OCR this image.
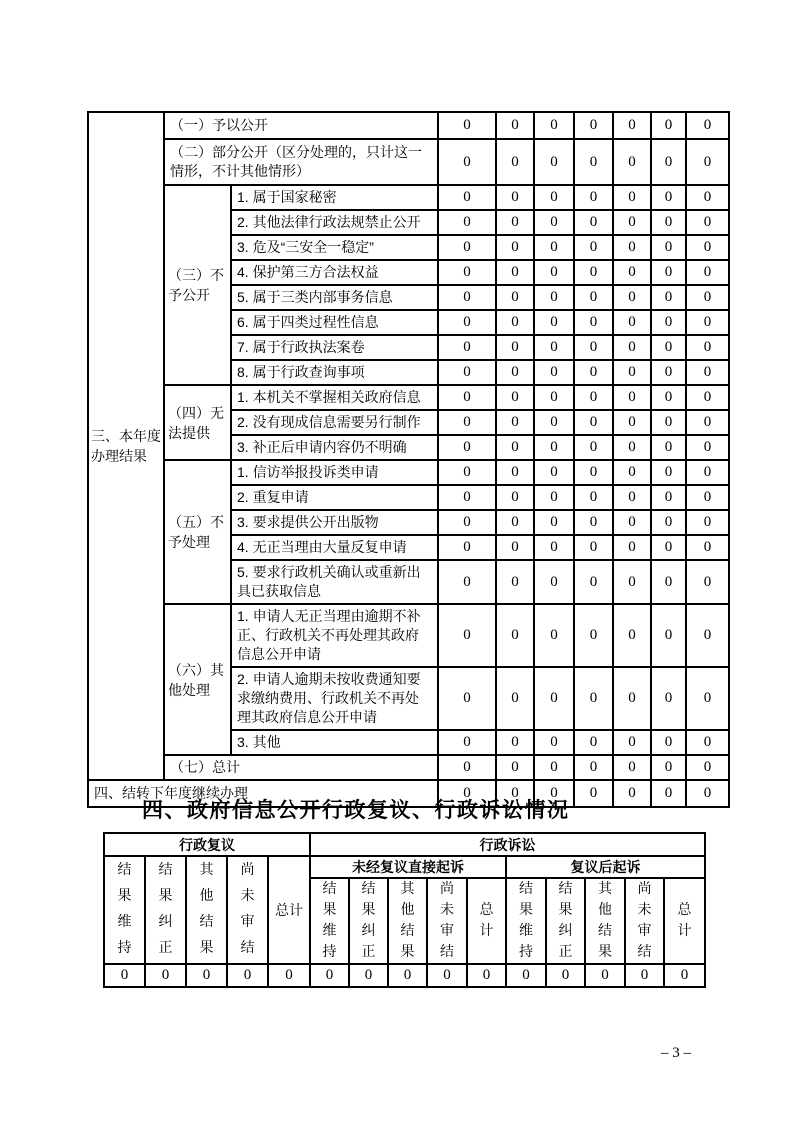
三、本年度办理结果	（一）予以公开		0	0	0	0	0	0	0
	（二）部分公开（区分处理的，只计这一情形，不计其他情形）		0	0	0	0	0	0	0
	（三）不予公开	1. 属于国家秘密	0	0	0	0	0	0	0
		2. 其他法律行政法规禁止公开	0	0	0	0	0	0	0
		3. 危及“三安全一稳定”	0	0	0	0	0	0	0
		4. 保护第三方合法权益	0	0	0	0	0	0	0
		5. 属于三类内部事务信息	0	0	0	0	0	0	0
		6. 属于四类过程性信息	0	0	0	0	0	0	0
		7. 属于行政执法案卷	0	0	0	0	0	0	0
		8. 属于行政查询事项	0	0	0	0	0	0	0
	（四）无法提供	1. 本机关不掌握相关政府信息	0	0	0	0	0	0	0
		2. 没有现成信息需要另行制作	0	0	0	0	0	0	0
		3. 补正后申请内容仍不明确	0	0	0	0	0	0	0
	（五）不予处理	1. 信访举报投诉类申请	0	0	0	0	0	0	0
		2. 重复申请	0	0	0	0	0	0	0
		3. 要求提供公开出版物	0	0	0	0	0	0	0
		4. 无正当理由大量反复申请	0	0	0	0	0	0	0
		5. 要求行政机关确认或重新出具已获取信息	0	0	0	0	0	0	0
	（六）其他处理	1. 申请人无正当理由逾期不补正、行政机关不再处理其政府信息公开申请	0	0	0	0	0	0	0
		2. 申请人逾期未按收费通知要求缴纳费用、行政机关不再处理其政府信息公开申请	0	0	0	0	0	0	0
		3. 其他	0	0	0	0	0	0	0
	（七）总计		0	0	0	0	0	0	0
四、结转下年度继续办理			0	0	0	0	0	0	0
四、政府信息公开行政复议、行政诉讼情况
行政复议					行政诉讼									
结果维持	结果纠正	其他结果	尚未审结	总计	未经复议直接起诉					复议后起诉				
					结果维持	结果纠正	其他结果	尚未审结	总计	结果维持	结果纠正	其他结果	尚未审结	总计
0	0	0	0	0	0	0	0	0	0	0	0	0	0	0
– 3 –
